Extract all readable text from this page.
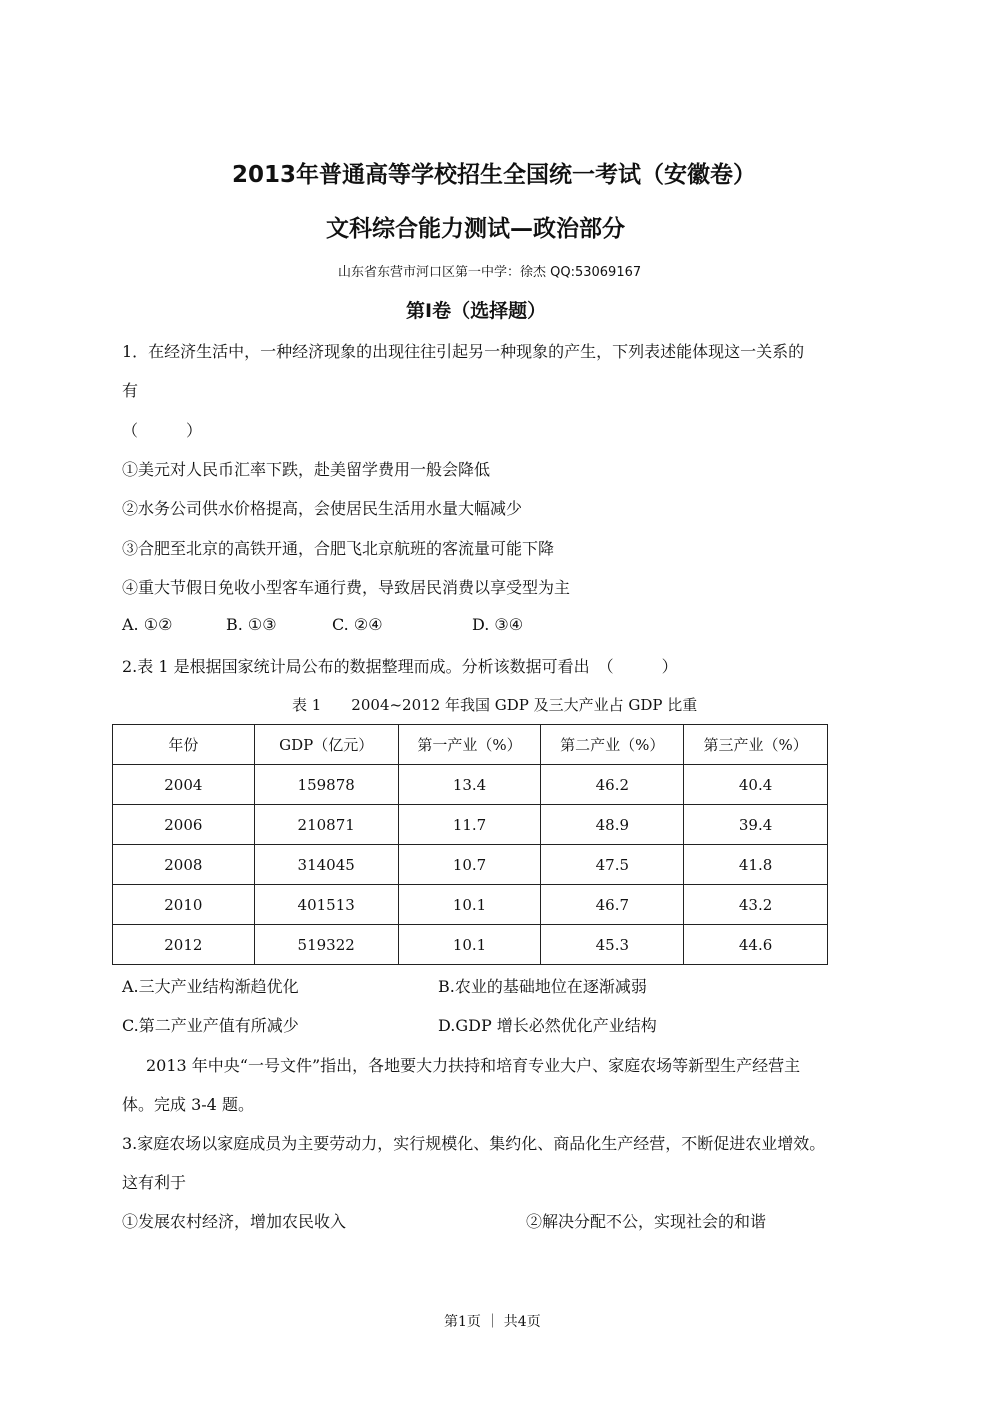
2013年普通高等学校招生全国统一考试（安徽卷）
文科综合能力测试—政治部分
山东省东营市河口区第一中学：徐杰 QQ:53069167
第Ⅰ卷（选择题）
1．在经济生活中，一种经济现象的出现往往引起另一种现象的产生，下列表述能体现这一关系的
有
（　　　）
①美元对人民币汇率下跌，赴美留学费用一般会降低
②水务公司供水价格提高，会使居民生活用水量大幅减少
③合肥至北京的高铁开通，合肥飞北京航班的客流量可能下降
④重大节假日免收小型客车通行费，导致居民消费以享受型为主
A. ①②	B. ①③	C. ②④	D. ③④
2.表 1 是根据国家统计局公布的数据整理而成。分析该数据可看出　（　　　）
表 1　　2004~2012 年我国 GDP 及三大产业占 GDP 比重
年份	GDP（亿元）	第一产业（%）	第二产业（%）	第三产业（%）
2004	159878	13.4	46.2	40.4
2006	210871	11.7	48.9	39.4
2008	314045	10.7	47.5	41.8
2010	401513	10.1	46.7	43.2
2012	519322	10.1	45.3	44.6
A.三大产业结构渐趋优化	B.农业的基础地位在逐渐减弱
C.第二产业产值有所减少	D.GDP 增长必然优化产业结构
2013 年中央“一号文件”指出，各地要大力扶持和培育专业大户、家庭农场等新型生产经营主
体。完成 3-4 题。
3.家庭农场以家庭成员为主要劳动力，实行规模化、集约化、商品化生产经营，不断促进农业增效。
这有利于
①发展农村经济，增加农民收入	②解决分配不公，实现社会的和谐
第1页 ｜ 共4页
